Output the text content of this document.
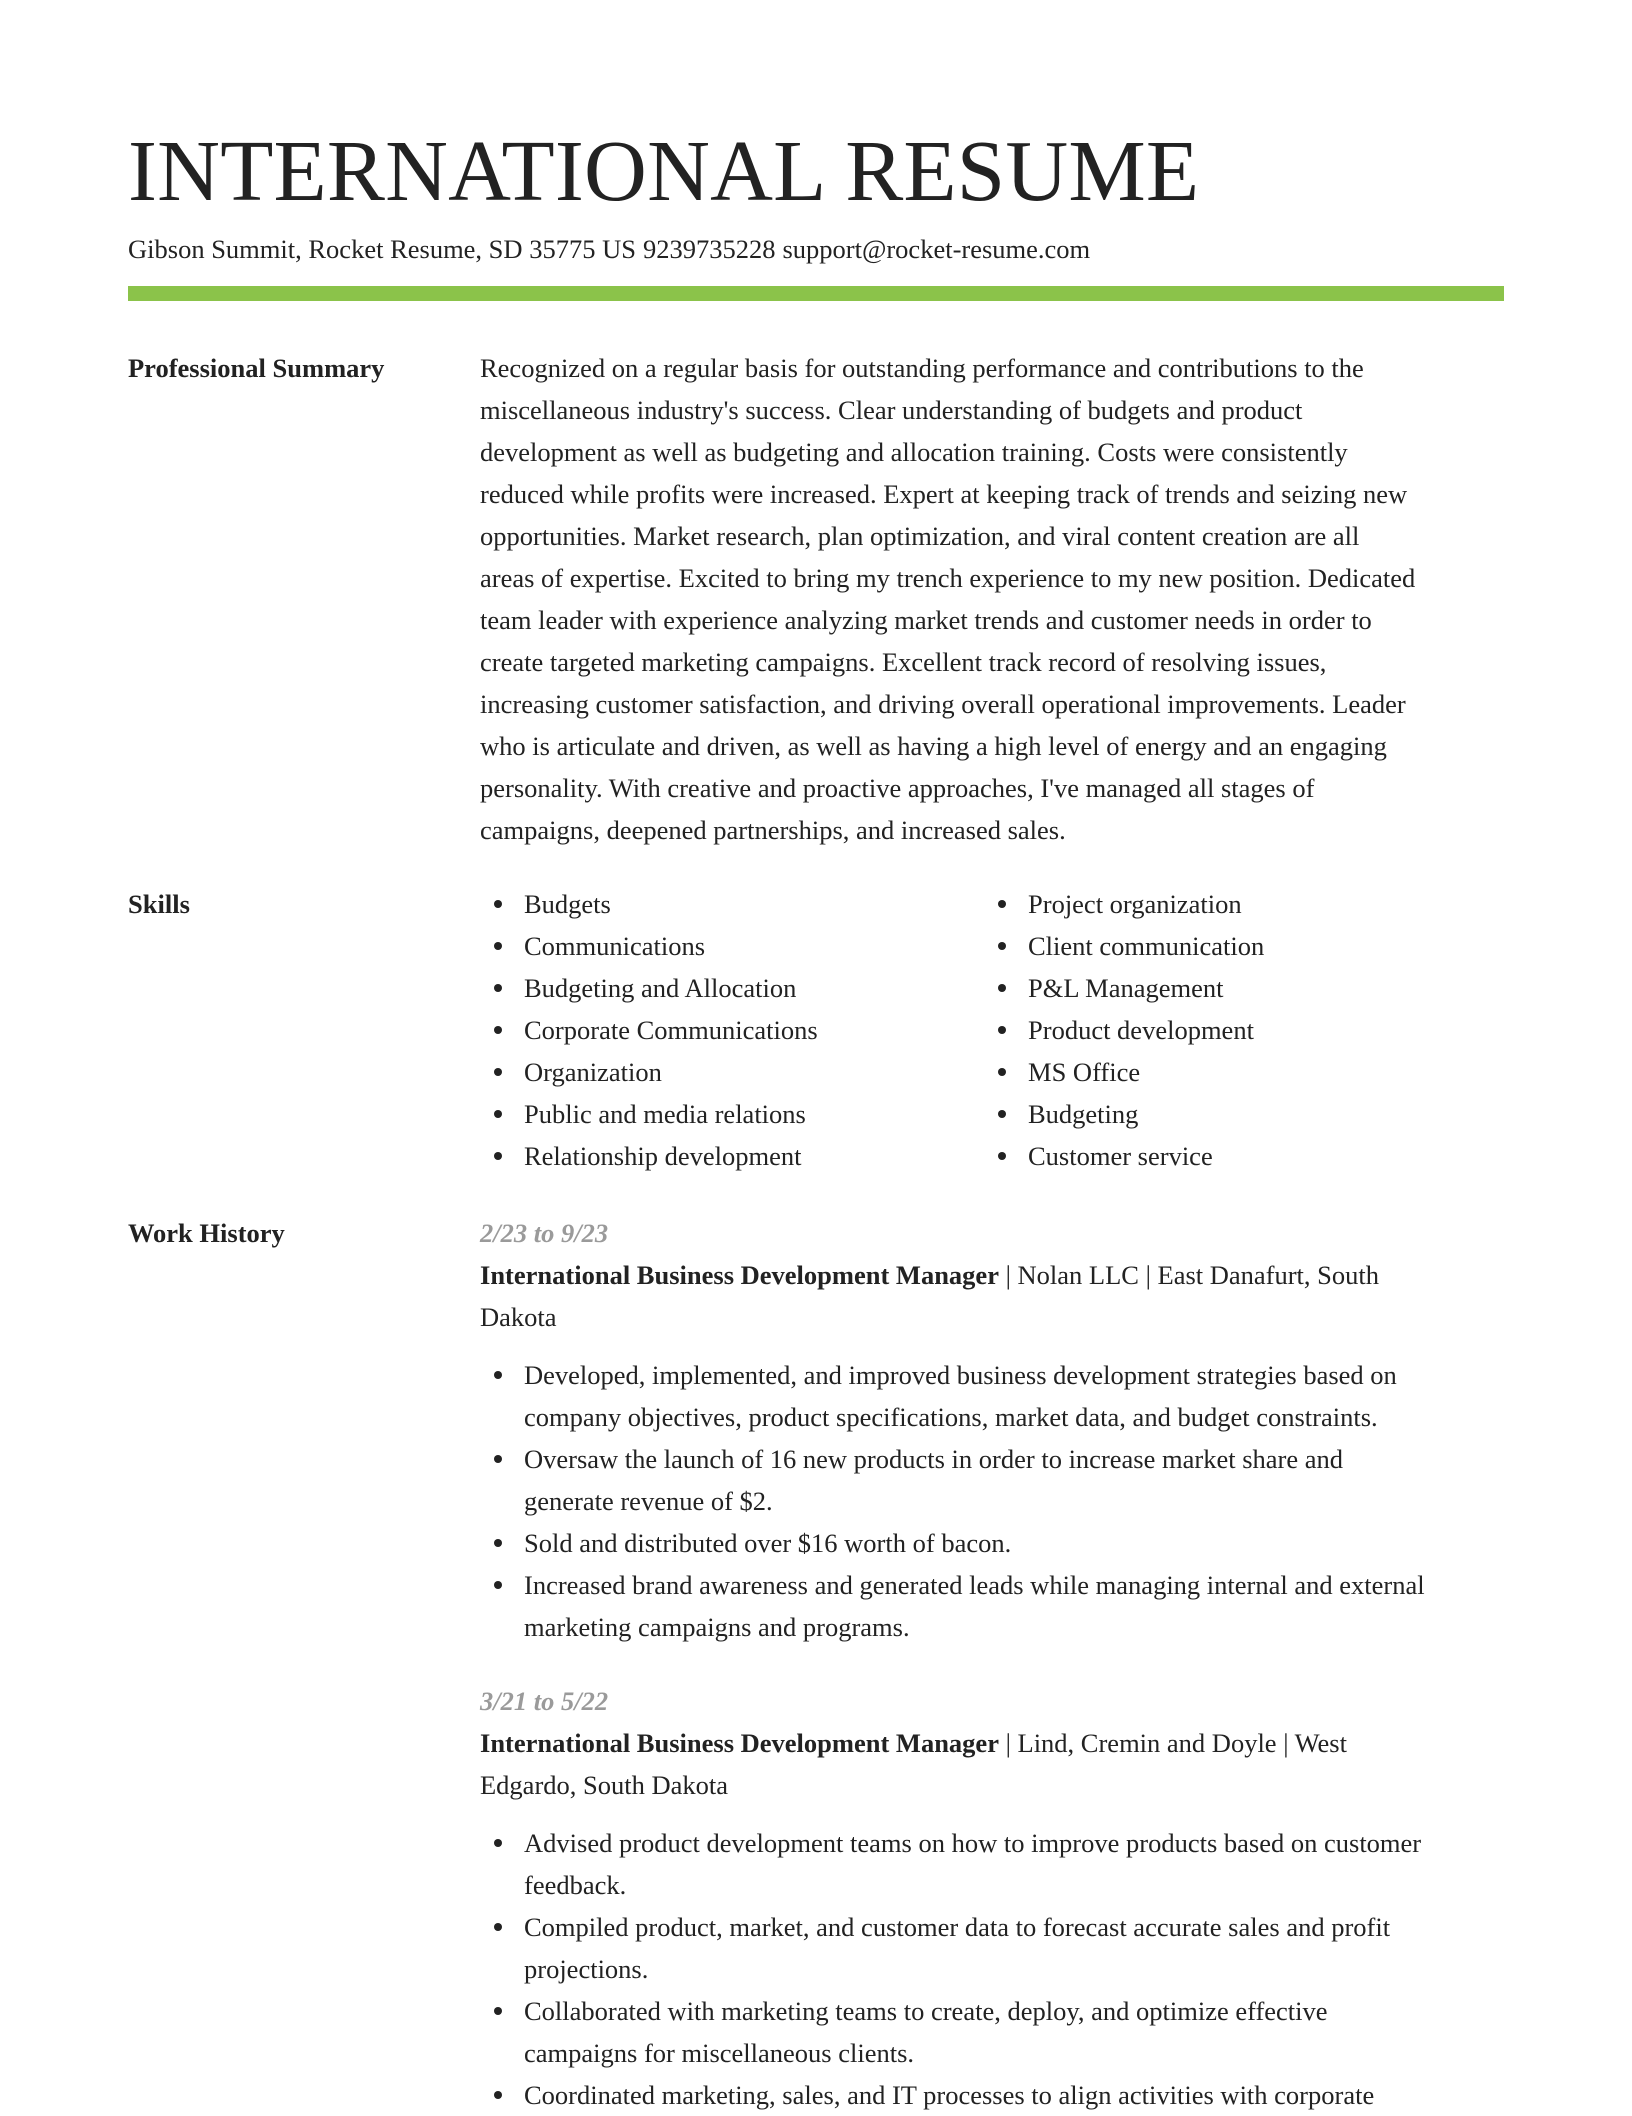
INTERNATIONAL RESUME
Gibson Summit, Rocket Resume, SD 35775 US 9239735228 support@rocket-resume.com
Professional Summary	Recognized on a regular basis for outstanding performance and contributions to the
miscellaneous industry's success. Clear understanding of budgets and product
development as well as budgeting and allocation training. Costs were consistently
reduced while profits were increased. Expert at keeping track of trends and seizing new
opportunities. Market research, plan optimization, and viral content creation are all
areas of expertise. Excited to bring my trench experience to my new position. Dedicated
team leader with experience analyzing market trends and customer needs in order to
create targeted marketing campaigns. Excellent track record of resolving issues,
increasing customer satisfaction, and driving overall operational improvements. Leader
who is articulate and driven, as well as having a high level of energy and an engaging
personality. With creative and proactive approaches, I've managed all stages of
campaigns, deepened partnerships, and increased sales.
Skills	Budgets
Communications
Budgeting and Allocation
Corporate Communications
Organization
Public and media relations
Relationship development
Project organization
Client communication
P&L Management
Product development
MS Office
Budgeting
Customer service
Work History	2/23 to 9/23
International Business Development Manager | Nolan LLC | East Danafurt, South
Dakota
Developed, implemented, and improved business development strategies based on
company objectives, product specifications, market data, and budget constraints.
Oversaw the launch of 16 new products in order to increase market share and
generate revenue of $2.
Sold and distributed over $16 worth of bacon.
Increased brand awareness and generated leads while managing internal and external
marketing campaigns and programs.
3/21 to 5/22
International Business Development Manager | Lind, Cremin and Doyle | West
Edgardo, South Dakota
Advised product development teams on how to improve products based on customer
feedback.
Compiled product, market, and customer data to forecast accurate sales and profit
projections.
Collaborated with marketing teams to create, deploy, and optimize effective
campaigns for miscellaneous clients.
Coordinated marketing, sales, and IT processes to align activities with corporate
